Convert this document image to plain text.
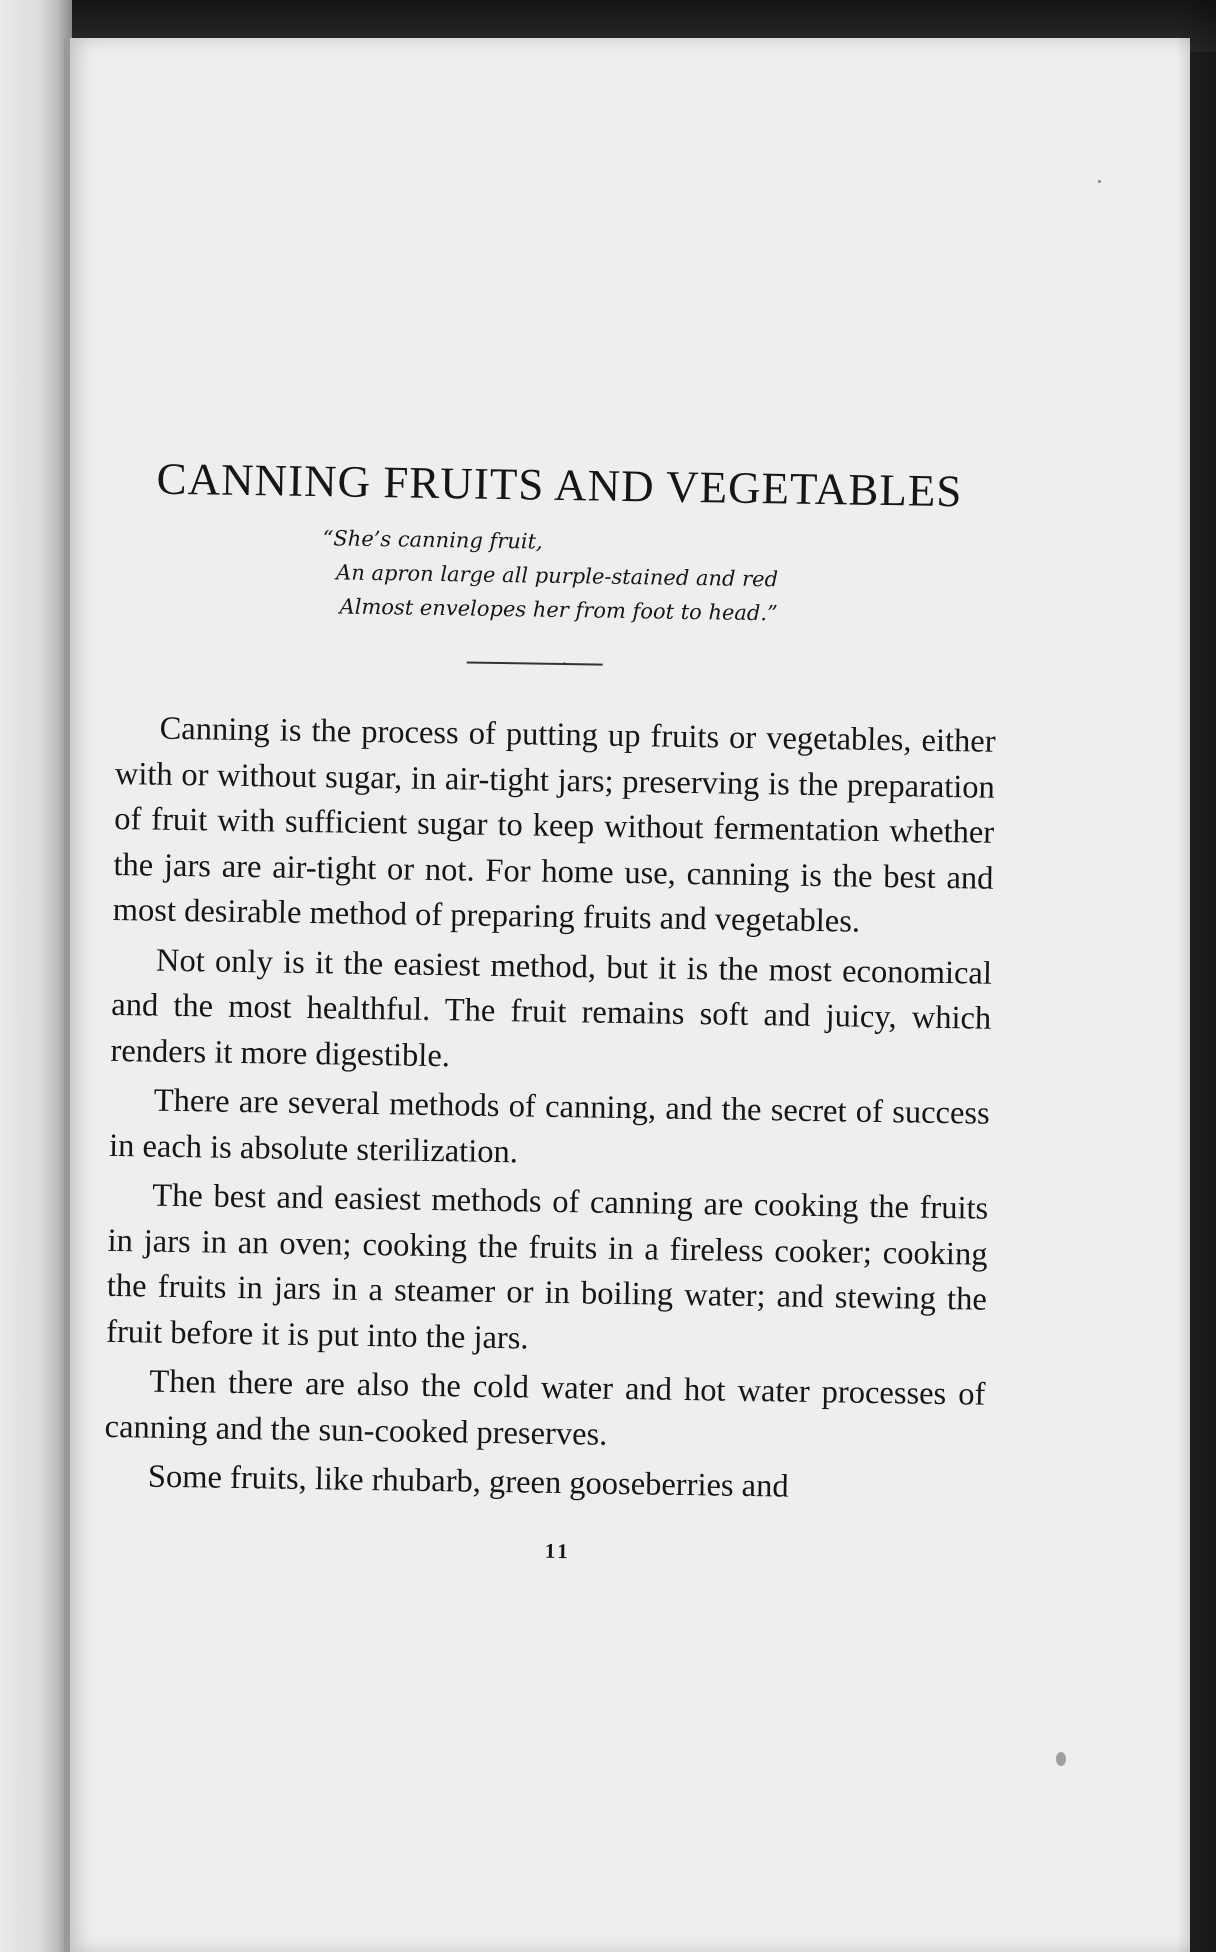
CANNING FRUITS AND VEGETABLES
“She’s canning fruit,
An apron large all purple-stained and red
Almost envelopes her from foot to head.”

Canning is the process of putting up fruits or vegetables, either with or without sugar, in air-tight jars; preserving is the preparation of fruit with sufficient sugar to keep without fermentation whether the jars are air-tight or not. For home use, canning is the best and most desirable method of preparing fruits and vegetables.

Not only is it the easiest method, but it is the most economical and the most healthful. The fruit remains soft and juicy, which renders it more digestible.

There are several methods of canning, and the secret of success in each is absolute sterilization.

The best and easiest methods of canning are cooking the fruits in jars in an oven; cooking the fruits in a fireless cooker; cooking the fruits in jars in a steamer or in boiling water; and stewing the fruit before it is put into the jars.

Then there are also the cold water and hot water processes of canning and the sun-cooked preserves.

Some fruits, like rhubarb, green gooseberries and

11
